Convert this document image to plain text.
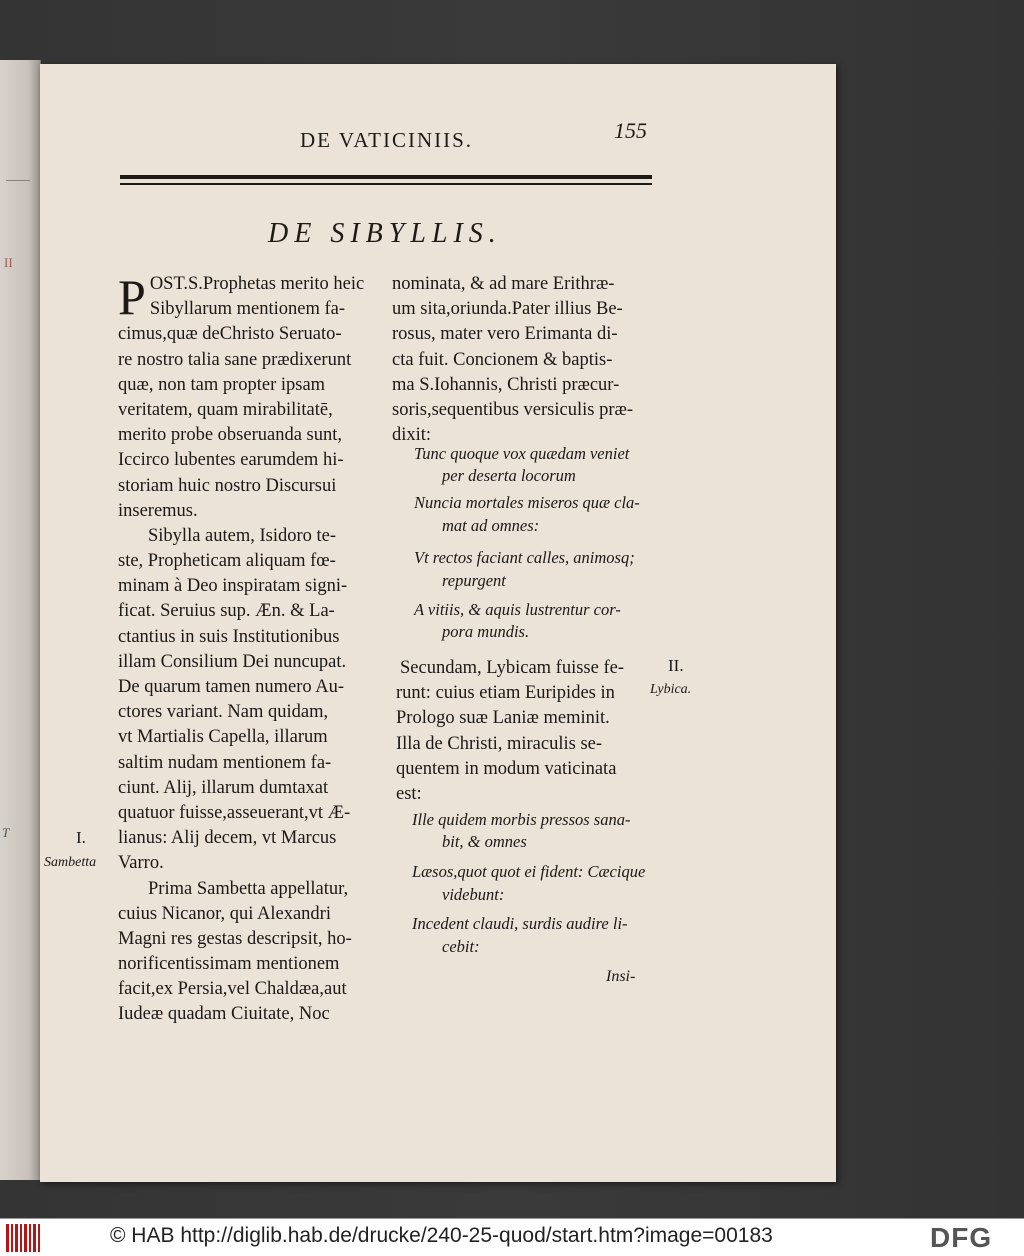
T
II
DE VATICINIIS.	155
DE SIBYLLIS.
P OST.S.Prophetas merito heic
Sibyllarum mentionem fa-
cimus,quæ deChristo Seruato-
re nostro talia sane prædixerunt
quæ, non tam propter ipsam
veritatem, quam mirabilitatē,
merito probe obseruanda sunt,
Iccirco lubentes earumdem hi-
storiam huic nostro Discursui
inseremus.
Sibylla autem, Isidoro te-
ste, Propheticam aliquam fœ-
minam à Deo inspiratam signi-
ficat. Seruius sup. Æn. & La-
ctantius in suis Institutionibus
illam Consilium Dei nuncupat.
De quarum tamen numero Au-
ctores variant. Nam quidam,
vt Martialis Capella, illarum
saltim nudam mentionem fa-
ciunt. Alij, illarum dumtaxat
quatuor fuisse,asseuerant,vt Æ-
lianus: Alij decem, vt Marcus
Varro.
Prima Sambetta appellatur,
cuius Nicanor, qui Alexandri
Magni res gestas descripsit, ho-
norificentissimam mentionem
facit,ex Persia,vel Chaldæa,aut
Iudeæ quadam Ciuitate, Noc
nominata, & ad mare Erithræ-
um sita,oriunda.Pater illius Be-
rosus, mater vero Erimanta di-
cta fuit. Concionem & baptis-
ma S.Iohannis, Christi præcur-
soris,sequentibus versiculis præ-
dixit:
Tunc quoque vox quædam veniet
per deserta locorum
Nuncia mortales miseros quæ cla-
mat ad omnes:
Vt rectos faciant calles, animosq;
repurgent
A vitiis, & aquis lustrentur cor-
pora mundis.
Secundam, Lybicam fuisse fe-
runt: cuius etiam Euripides in
Prologo suæ Laniæ meminit.
Illa de Christi, miraculis se-
quentem in modum vaticinata
est:
Ille quidem morbis pressos sana-
bit, & omnes
Læsos,quot quot ei fident: Cæcique
videbunt:
Incedent claudi, surdis audire li-
cebit:
Insi-
I.
Sambetta
II.
Lybica.
© HAB http://diglib.hab.de/drucke/240-25-quod/start.htm?image=00183	DFG
